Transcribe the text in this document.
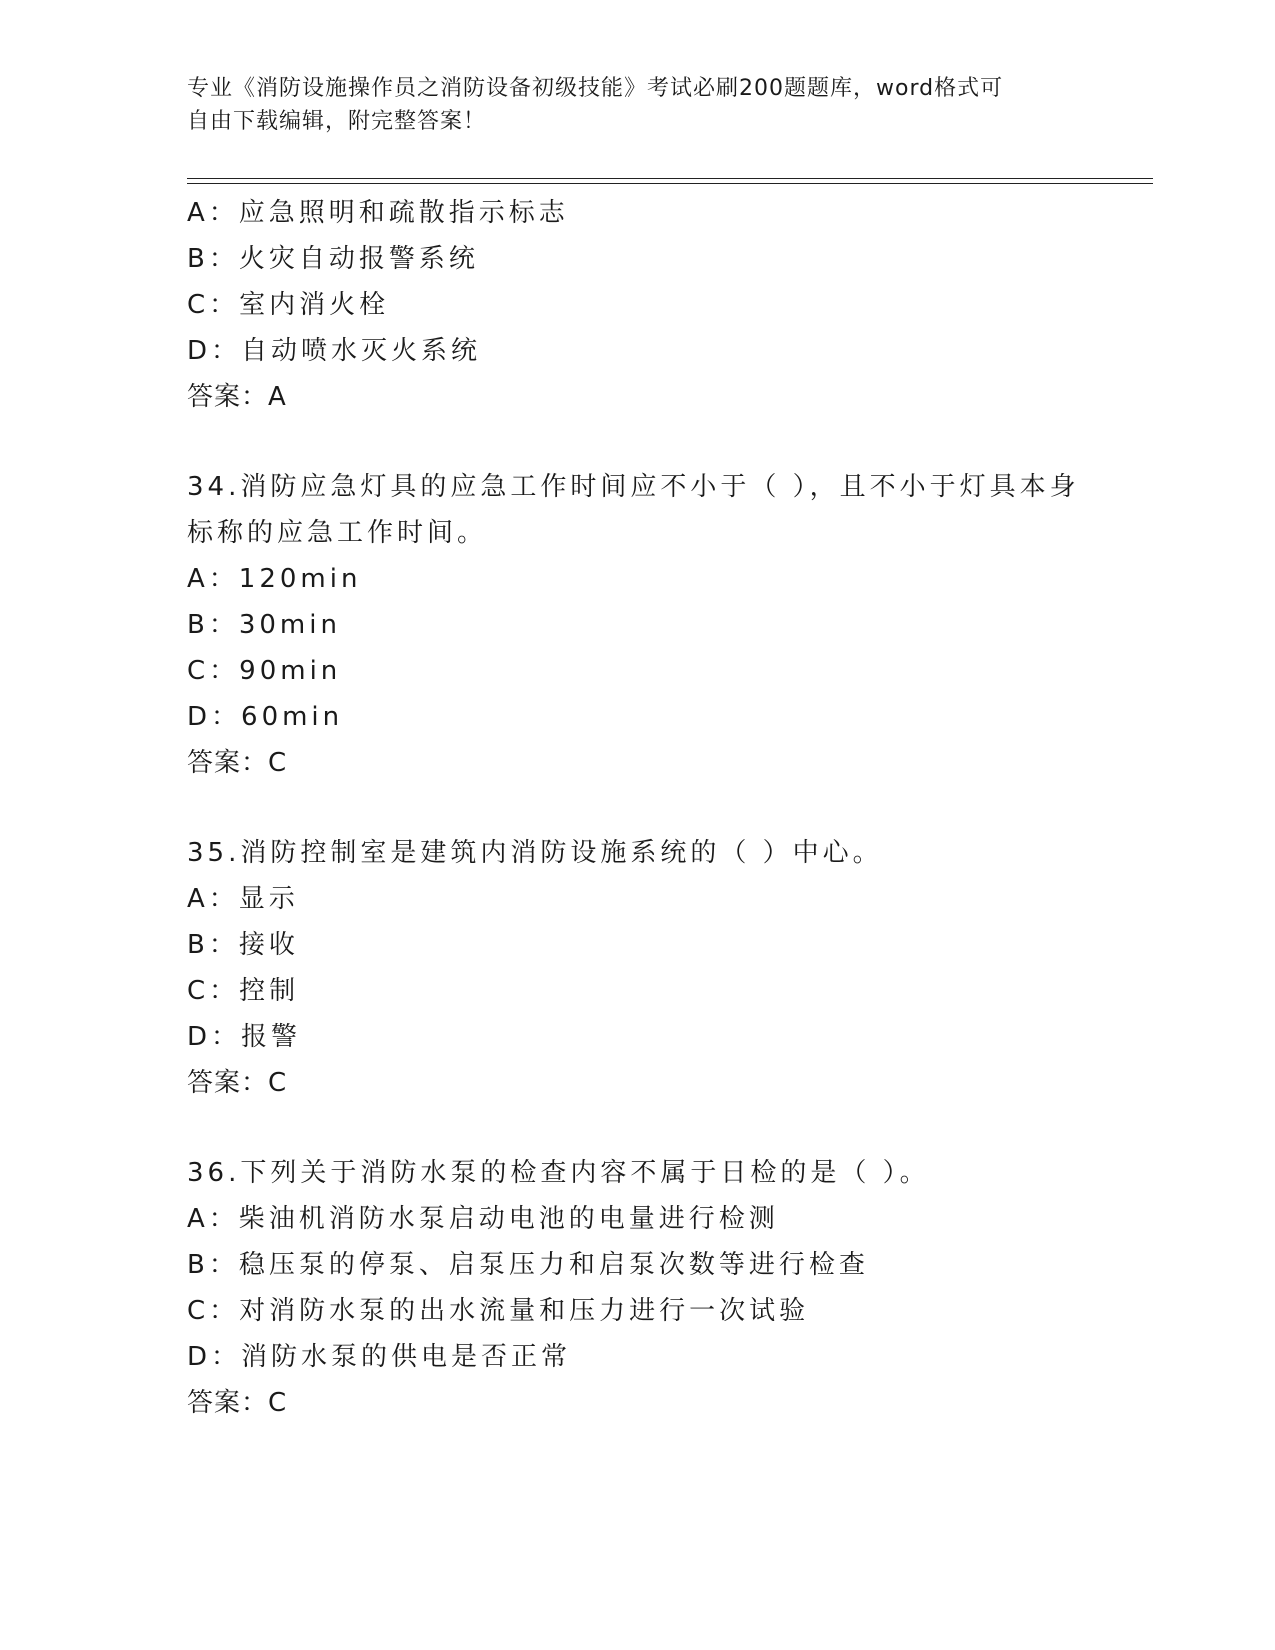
专业《消防设施操作员之消防设备初级技能》考试必刷200题题库，word格式可
自由下载编辑，附完整答案！
A：应急照明和疏散指示标志
B：火灾自动报警系统
C：室内消火栓
D：自动喷水灭火系统
答案：A
34.消防应急灯具的应急工作时间应不小于（ ），且不小于灯具本身
标称的应急工作时间。
A：120min
B：30min
C：90min
D：60min
答案：C
35.消防控制室是建筑内消防设施系统的（ ）中心。
A：显示
B：接收
C：控制
D：报警
答案：C
36.下列关于消防水泵的检查内容不属于日检的是（ ）。
A：柴油机消防水泵启动电池的电量进行检测
B：稳压泵的停泵、启泵压力和启泵次数等进行检查
C：对消防水泵的出水流量和压力进行一次试验
D：消防水泵的供电是否正常
答案：C
